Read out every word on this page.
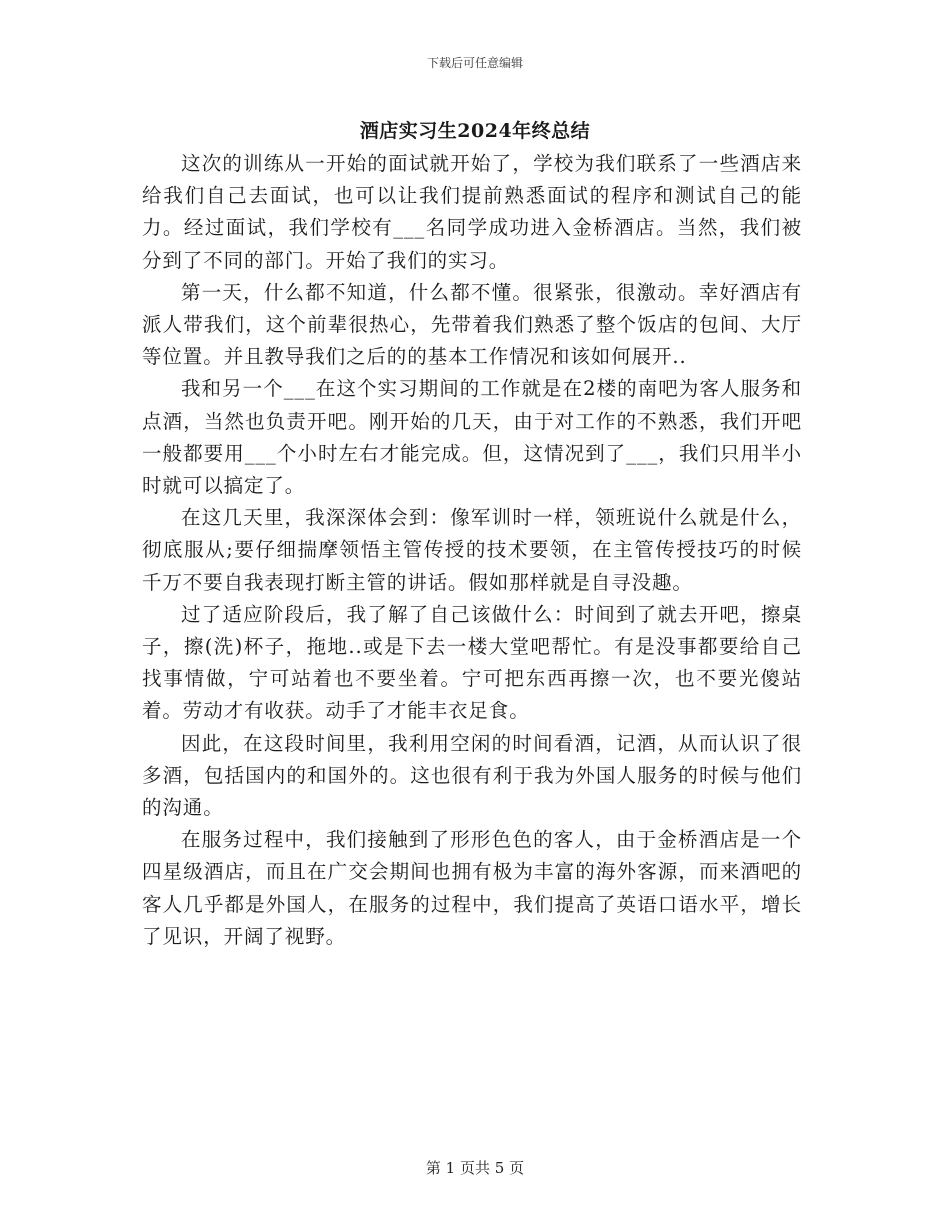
下载后可任意编辑
酒店实习生2024年终总结

这次的训练从一开始的面试就开始了，学校为我们联系了一些酒店来给我们自己去面试，也可以让我们提前熟悉面试的程序和测试自己的能力。经过面试，我们学校有___名同学成功进入金桥酒店。当然，我们被分到了不同的部门。开始了我们的实习。

第一天，什么都不知道，什么都不懂。很紧张，很激动。幸好酒店有派人带我们，这个前辈很热心，先带着我们熟悉了整个饭店的包间、大厅等位置。并且教导我们之后的的基本工作情况和该如何展开..

我和另一个___在这个实习期间的工作就是在2楼的南吧为客人服务和点酒，当然也负责开吧。刚开始的几天，由于对工作的不熟悉，我们开吧一般都要用___个小时左右才能完成。但，这情况到了___，我们只用半小时就可以搞定了。

在这几天里，我深深体会到：像军训时一样，领班说什么就是什么，彻底服从;要仔细揣摩领悟主管传授的技术要领，在主管传授技巧的时候千万不要自我表现打断主管的讲话。假如那样就是自寻没趣。

过了适应阶段后，我了解了自己该做什么：时间到了就去开吧，擦桌子，擦(洗)杯子，拖地..或是下去一楼大堂吧帮忙。有是没事都要给自己找事情做，宁可站着也不要坐着。宁可把东西再擦一次，也不要光傻站着。劳动才有收获。动手了才能丰衣足食。

因此，在这段时间里，我利用空闲的时间看酒，记酒，从而认识了很多酒，包括国内的和国外的。这也很有利于我为外国人服务的时候与他们的沟通。

在服务过程中，我们接触到了形形色色的客人，由于金桥酒店是一个四星级酒店，而且在广交会期间也拥有极为丰富的海外客源，而来酒吧的客人几乎都是外国人，在服务的过程中，我们提高了英语口语水平，增长了见识，开阔了视野。

第 1 页共 5 页
